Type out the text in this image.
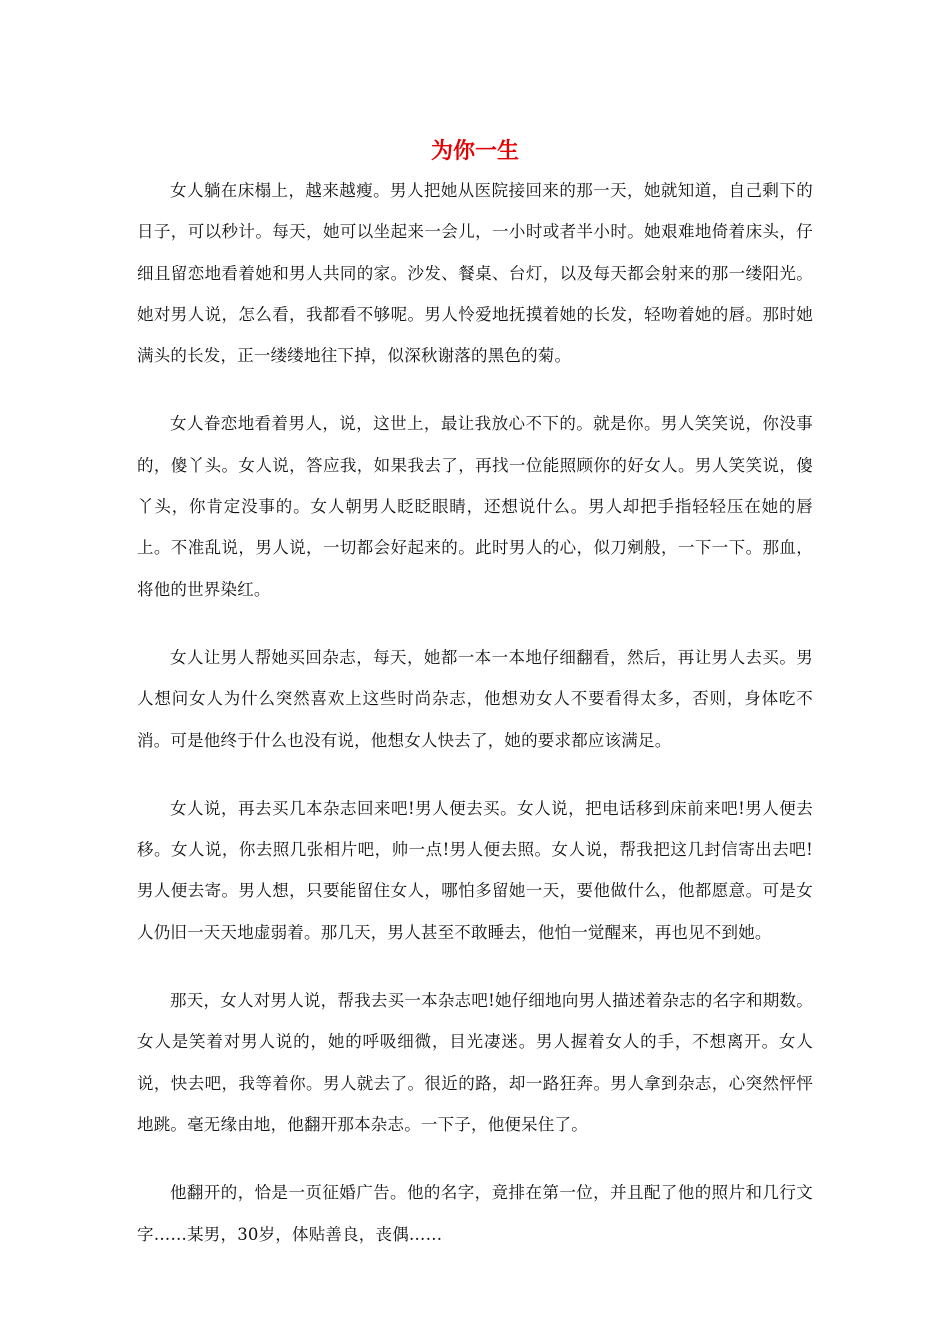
为你一生

女人躺在床榻上，越来越瘦。男人把她从医院接回来的那一天，她就知道，自己剩下的日子，可以秒计。每天，她可以坐起来一会儿，一小时或者半小时。她艰难地倚着床头，仔细且留恋地看着她和男人共同的家。沙发、餐桌、台灯，以及每天都会射来的那一缕阳光。她对男人说，怎么看，我都看不够呢。男人怜爱地抚摸着她的长发，轻吻着她的唇。那时她满头的长发，正一缕缕地往下掉，似深秋谢落的黑色的菊。

女人眷恋地看着男人，说，这世上，最让我放心不下的。就是你。男人笑笑说，你没事的，傻丫头。女人说，答应我，如果我去了，再找一位能照顾你的好女人。男人笑笑说，傻丫头，你肯定没事的。女人朝男人眨眨眼睛，还想说什么。男人却把手指轻轻压在她的唇上。不准乱说，男人说，一切都会好起来的。此时男人的心，似刀剜般，一下一下。那血，将他的世界染红。

女人让男人帮她买回杂志，每天，她都一本一本地仔细翻看，然后，再让男人去买。男人想问女人为什么突然喜欢上这些时尚杂志，他想劝女人不要看得太多，否则，身体吃不消。可是他终于什么也没有说，他想女人快去了，她的要求都应该满足。

女人说，再去买几本杂志回来吧!男人便去买。女人说，把电话移到床前来吧!男人便去移。女人说，你去照几张相片吧，帅一点!男人便去照。女人说，帮我把这几封信寄出去吧!男人便去寄。男人想，只要能留住女人，哪怕多留她一天，要他做什么，他都愿意。可是女人仍旧一天天地虚弱着。那几天，男人甚至不敢睡去，他怕一觉醒来，再也见不到她。

那天，女人对男人说，帮我去买一本杂志吧!她仔细地向男人描述着杂志的名字和期数。女人是笑着对男人说的，她的呼吸细微，目光凄迷。男人握着女人的手，不想离开。女人说，快去吧，我等着你。男人就去了。很近的路，却一路狂奔。男人拿到杂志，心突然怦怦地跳。毫无缘由地，他翻开那本杂志。一下子，他便呆住了。

他翻开的，恰是一页征婚广告。他的名字，竟排在第一位，并且配了他的照片和几行文字……某男，30岁，体贴善良，丧偶……
